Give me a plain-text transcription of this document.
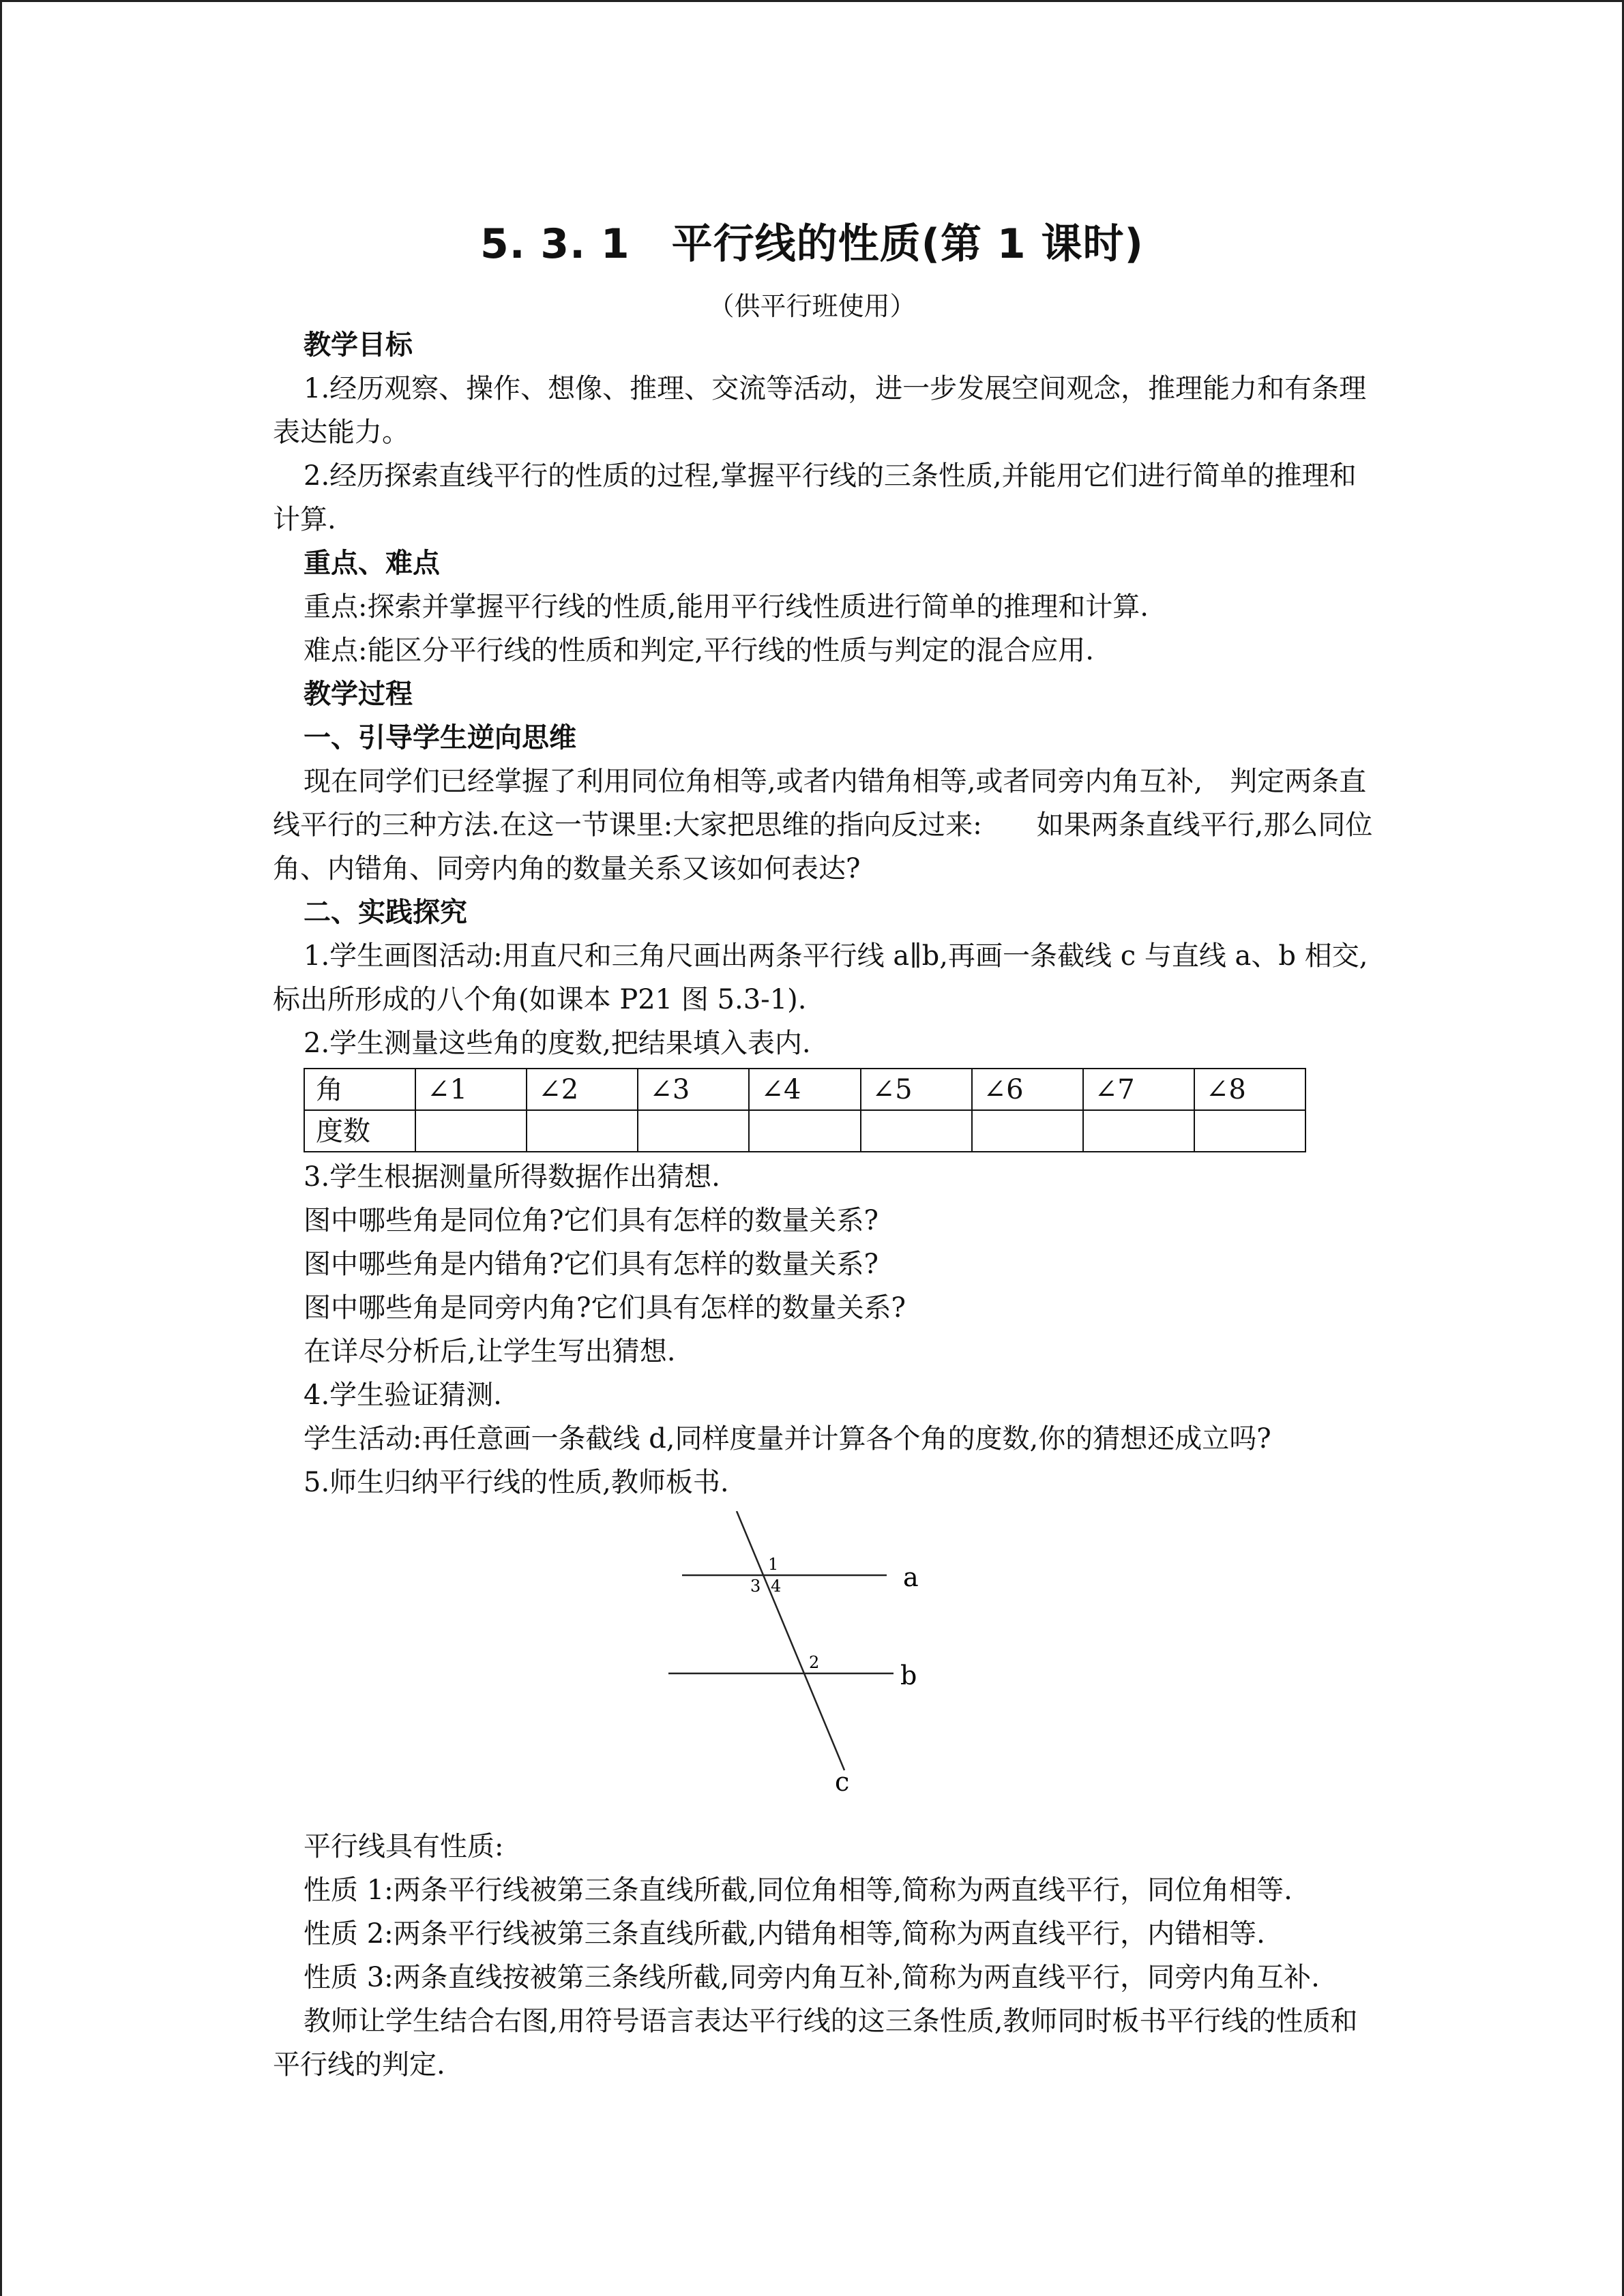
5. 3. 1　平行线的性质(第 1 课时)
（供平行班使用）

教学目标

1.经历观察、操作、想像、推理、交流等活动，进一步发展空间观念，推理能力和有条理表达能力。

2.经历探索直线平行的性质的过程,掌握平行线的三条性质,并能用它们进行简单的推理和计算.

重点、难点

重点:探索并掌握平行线的性质,能用平行线性质进行简单的推理和计算.

难点:能区分平行线的性质和判定,平行线的性质与判定的混合应用.

教学过程

一、引导学生逆向思维

现在同学们已经掌握了利用同位角相等,或者内错角相等,或者同旁内角互补,　判定两条直线平行的三种方法.在这一节课里:大家把思维的指向反过来:　　如果两条直线平行,那么同位角、内错角、同旁内角的数量关系又该如何表达?

二、实践探究

1.学生画图活动:用直尺和三角尺画出两条平行线 a∥b,再画一条截线 c 与直线 a、b 相交,标出所形成的八个角(如课本 P21 图 5.3-1).

2.学生测量这些角的度数,把结果填入表内.

角	∠1	∠2	∠3	∠4	∠5	∠6	∠7	∠8
度数								

3.学生根据测量所得数据作出猜想.

图中哪些角是同位角?它们具有怎样的数量关系?

图中哪些角是内错角?它们具有怎样的数量关系?

图中哪些角是同旁内角?它们具有怎样的数量关系?

在详尽分析后,让学生写出猜想.

4.学生验证猜测.

学生活动:再任意画一条截线 d,同样度量并计算各个角的度数,你的猜想还成立吗?

5.师生归纳平行线的性质,教师板书.

a
b
c
1
3 4
2

平行线具有性质:

性质 1:两条平行线被第三条直线所截,同位角相等,简称为两直线平行，同位角相等.

性质 2:两条平行线被第三条直线所截,内错角相等,简称为两直线平行，内错相等.

性质 3:两条直线按被第三条线所截,同旁内角互补,简称为两直线平行，同旁内角互补.

教师让学生结合右图,用符号语言表达平行线的这三条性质,教师同时板书平行线的性质和平行线的判定.
